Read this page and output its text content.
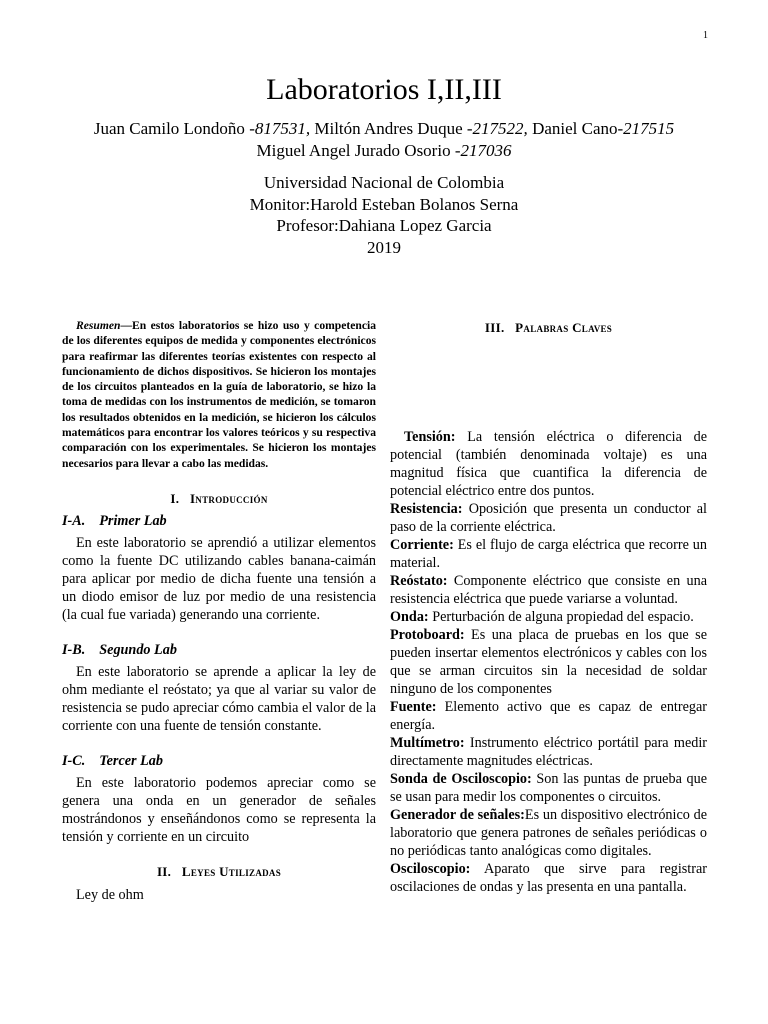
1
Laboratorios I,II,III
Juan Camilo Londoño -817531, Miltón Andres Duque -217522, Daniel Cano-217515
Miguel Angel Jurado Osorio -217036
Universidad Nacional de Colombia
Monitor:Harold Esteban Bolanos Serna
Profesor:Dahiana Lopez Garcia
2019

Resumen—En estos laboratorios se hizo uso y competencia de los diferentes equipos de medida y componentes electrónicos para reafirmar las diferentes teorías existentes con respecto al funcionamiento de dichos dispositivos. Se hicieron los montajes de los circuitos planteados en la guía de laboratorio, se hizo la toma de medidas con los instrumentos de medición, se tomaron los resultados obtenidos en la medición, se hicieron los cálculos matemáticos para encontrar los valores teóricos y su respectiva comparación con los experimentales. Se hicieron los montajes necesarios para llevar a cabo las medidas.

I. Introducción
I-A. Primer Lab

En este laboratorio se aprendió a utilizar elementos como la fuente DC utilizando cables banana-caimán para aplicar por medio de dicha fuente una tensión a un diodo emisor de luz por medio de una resistencia (la cual fue variada) generando una corriente.

I-B. Segundo Lab

En este laboratorio se aprende a aplicar la ley de ohm mediante el reóstato; ya que al variar su valor de resistencia se pudo apreciar cómo cambia el valor de la corriente con una fuente de tensión constante.

I-C. Tercer Lab

En este laboratorio podemos apreciar como se genera una onda en un generador de señales mostrándonos y enseñándonos como se representa la tensión y corriente en un circuito

II. Leyes Utilizadas

Ley de ohm

III. Palabras Claves

Tensión: La tensión eléctrica o diferencia de potencial (también denominada voltaje) es una magnitud física que cuantifica la diferencia de potencial eléctrico entre dos puntos.

Resistencia: Oposición que presenta un conductor al paso de la corriente eléctrica.

Corriente: Es el flujo de carga eléctrica que recorre un material.

Reóstato: Componente eléctrico que consiste en una resistencia eléctrica que puede variarse a voluntad.

Onda: Perturbación de alguna propiedad del espacio.

Protoboard: Es una placa de pruebas en los que se pueden insertar elementos electrónicos y cables con los que se arman circuitos sin la necesidad de soldar ninguno de los componentes

Fuente: Elemento activo que es capaz de entregar energía.

Multímetro: Instrumento eléctrico portátil para medir directamente magnitudes eléctricas.

Sonda de Osciloscopio: Son las puntas de prueba que se usan para medir los componentes o circuitos.

Generador de señales:Es un dispositivo electrónico de laboratorio que genera patrones de señales periódicas o no periódicas tanto analógicas como digitales.

Osciloscopio: Aparato que sirve para registrar oscilaciones de ondas y las presenta en una pantalla.
